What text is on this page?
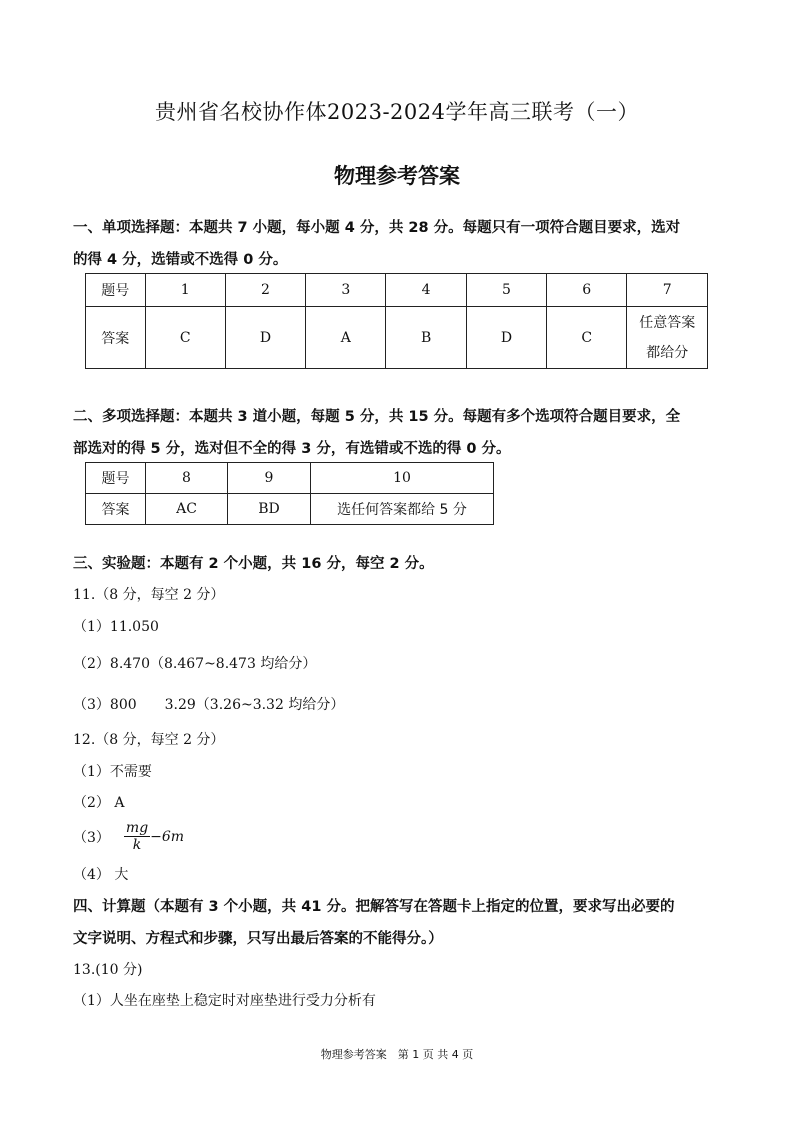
贵州省名校协作体2023-2024学年高三联考（一）
物理参考答案
一、单项选择题：本题共 7 小题，每小题 4 分，共 28 分。每题只有一项符合题目要求，选对
的得 4 分，选错或不选得 0 分。
题号	1	2	3	4	5	6	7
答案	C	D	A	B	D	C	任意答案都给分
二、多项选择题：本题共 3 道小题，每题 5 分，共 15 分。每题有多个选项符合题目要求，全
部选对的得 5 分，选对但不全的得 3 分，有选错或不选的得 0 分。
题号	8	9	10
答案	AC	BD	选任何答案都给 5 分
三、实验题：本题有 2 个小题，共 16 分，每空 2 分。
11.（8 分，每空 2 分）
（1）11.050
（2）8.470（8.467~8.473 均给分）
（3）800　　3.29（3.26~3.32 均给分）
12.（8 分，每空 2 分）
（1）不需要
（2） A
$(3) \frac{mg}{k} -6m$
（4） 大
四、计算题（本题有 3 个小题，共 41 分。把解答写在答题卡上指定的位置，要求写出必要的
文字说明、方程式和步骤，只写出最后答案的不能得分。）
13.(10 分)
（1）人坐在座垫上稳定时对座垫进行受力分析有
物理参考答案　第 1 页 共 4 页
